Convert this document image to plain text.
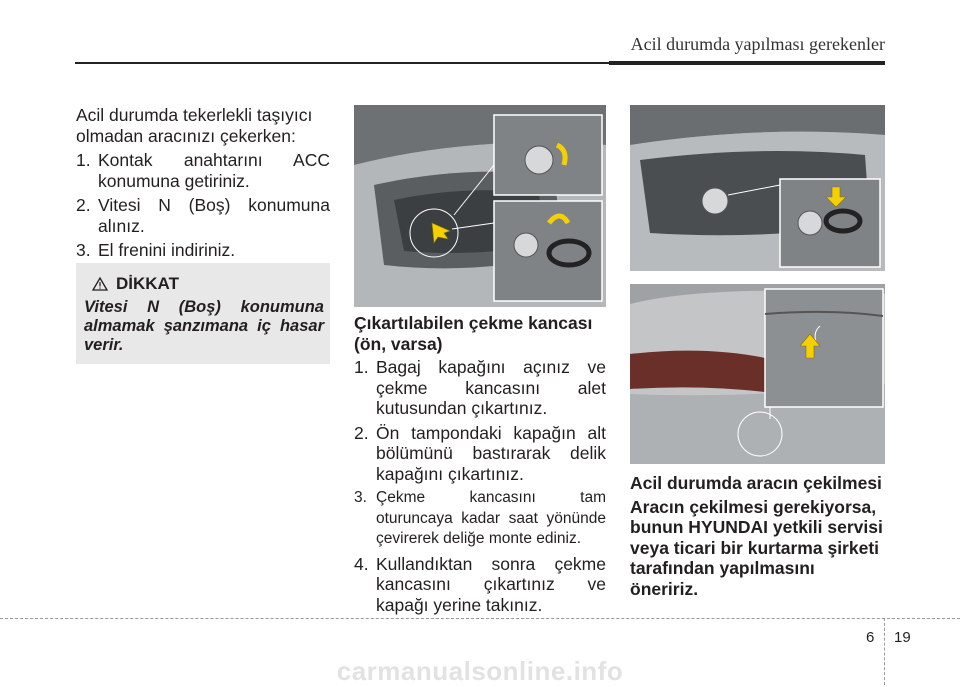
Acil durumda yapılması gerekenler

Acil durumda tekerlekli taşıyıcı olmadan aracınızı çekerken:

1. Kontak anahtarını ACC konumuna getiriniz.
2. Vitesi N (Boş) konumuna alınız.
3. El frenini indiriniz.
DİKKAT
Vitesi N (Boş) konumuna almamak şanzımana iç hasar verir.

Çıkartılabilen çekme kancası (ön, varsa)

1. Bagaj kapağını açınız ve çekme kancasını alet kutusundan çıkartınız.
2. Ön tampondaki kapağın alt bölümünü bastırarak delik kapağını çıkartınız.
3. Çekme kancasını tam oturuncaya kadar saat yönünde çevirerek deliğe monte ediniz.
4. Kullandıktan sonra çekme kancasını çıkartınız ve kapağı yerine takınız.

Acil durumda aracın çekilmesi

Aracın çekilmesi gerekiyorsa, bunun HYUNDAI yetkili servisi veya ticari bir kurtarma şirketi tarafından yapılmasını öneririz.

6 19
carmanualsonline.info
